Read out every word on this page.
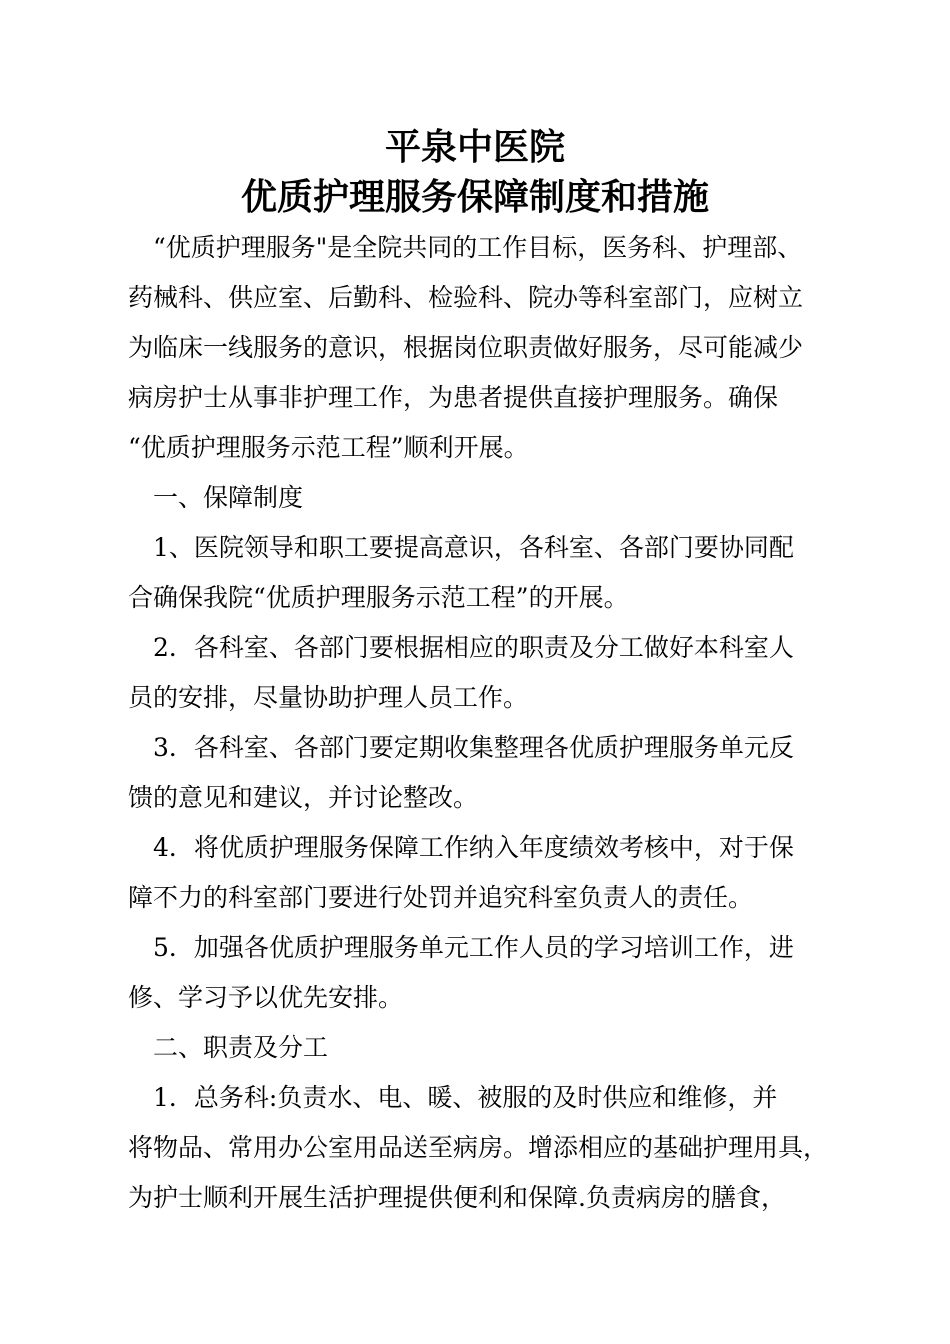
平泉中医院
优质护理服务保障制度和措施
　“优质护理服务"是全院共同的工作目标，医务科、护理部、
药械科、供应室、后勤科、检验科、院办等科室部门，应树立
为临床一线服务的意识，根据岗位职责做好服务，尽可能减少
病房护士从事非护理工作，为患者提供直接护理服务。确保
“优质护理服务示范工程”顺利开展。
　一、保障制度
　1、医院领导和职工要提高意识，各科室、各部门要协同配
合确保我院“优质护理服务示范工程”的开展。
　2．各科室、各部门要根据相应的职责及分工做好本科室人
员的安排，尽量协助护理人员工作。
　3．各科室、各部门要定期收集整理各优质护理服务单元反
馈的意见和建议，并讨论整改。
　4．将优质护理服务保障工作纳入年度绩效考核中，对于保
障不力的科室部门要进行处罚并追究科室负责人的责任。
　5．加强各优质护理服务单元工作人员的学习培训工作，进
修、学习予以优先安排。
　二、职责及分工
　1．总务科:负责水、电、暖、被服的及时供应和维修，并
将物品、常用办公室用品送至病房。增添相应的基础护理用具，
为护士顺利开展生活护理提供便利和保障.负责病房的膳食，
